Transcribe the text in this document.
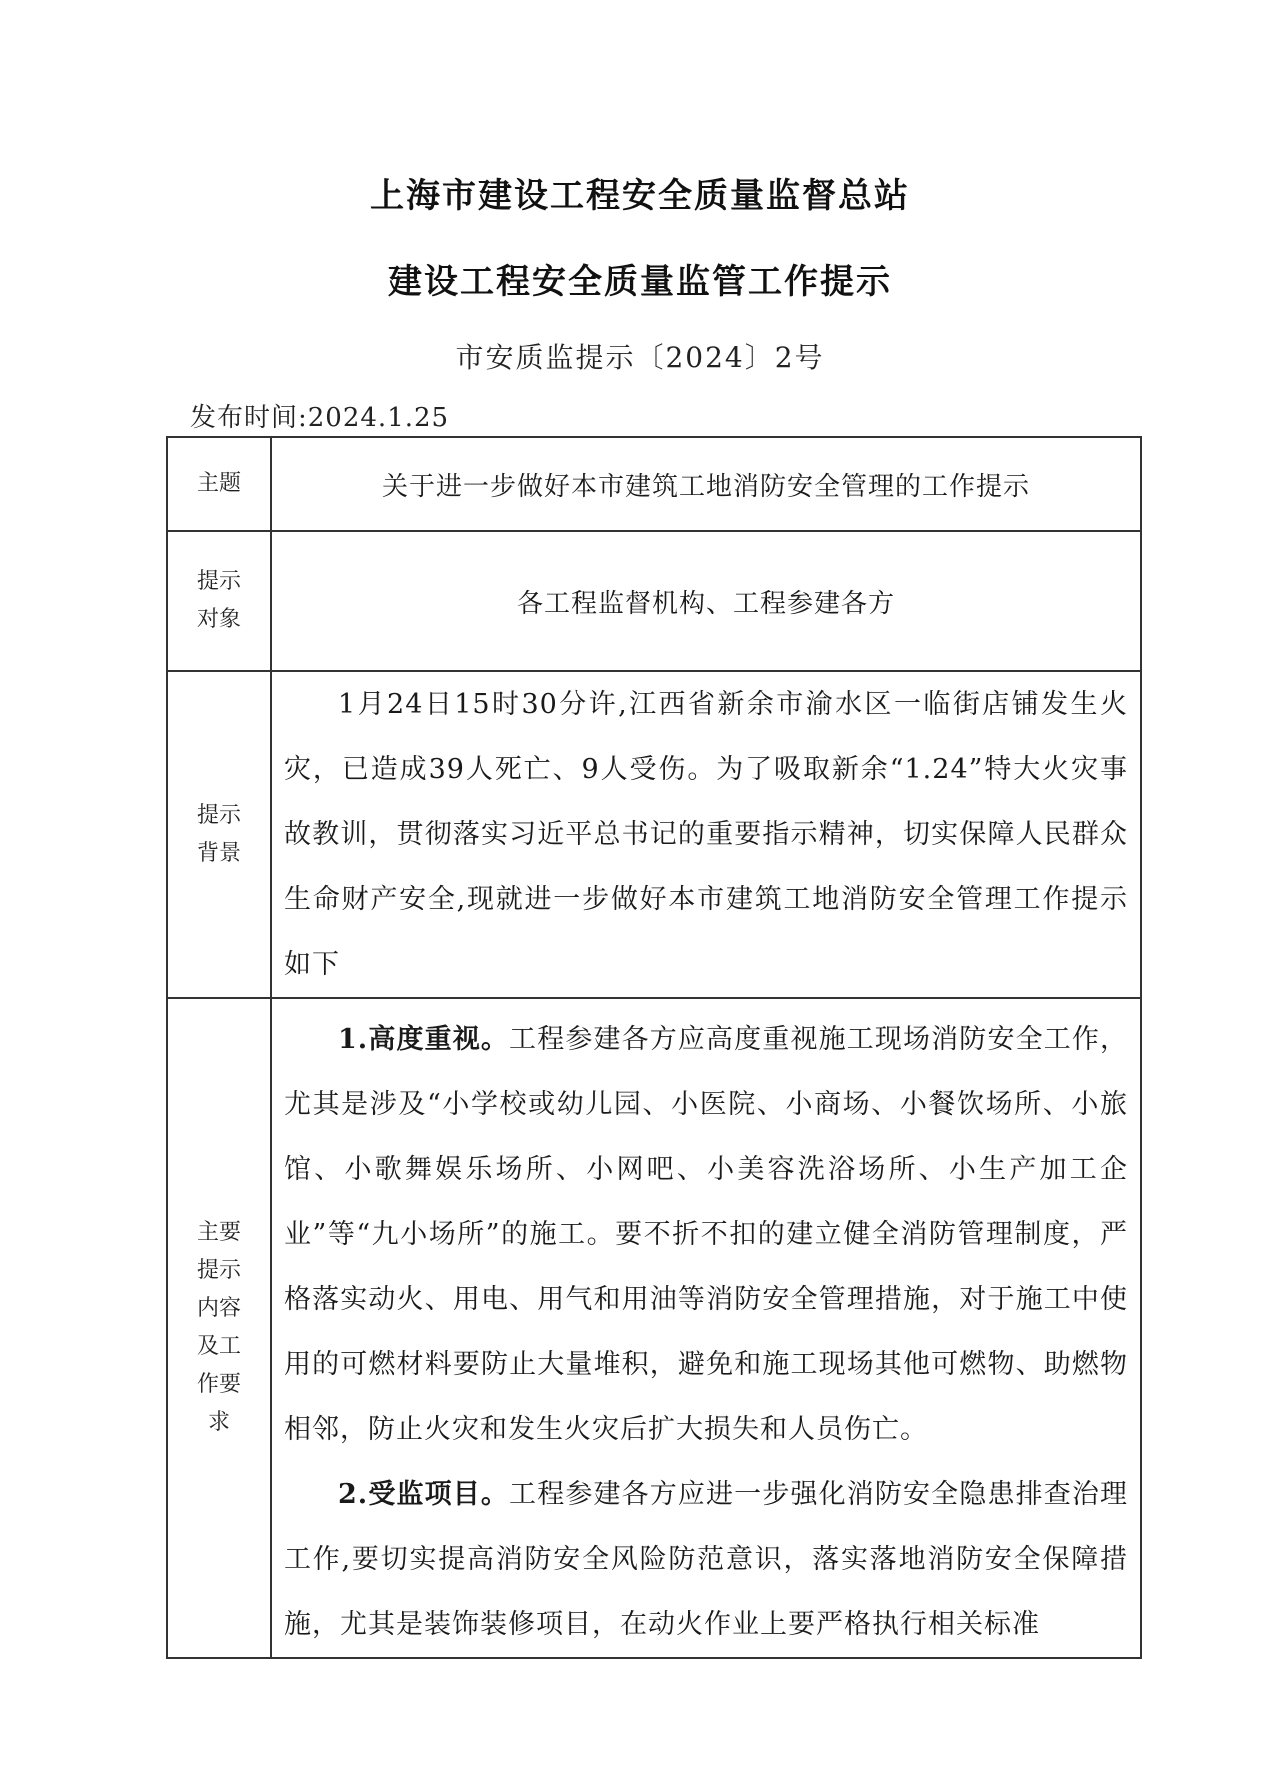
上海市建设工程安全质量监督总站
建设工程安全质量监管工作提示
市安质监提示〔2024〕2号
发布时间:2024.1.25
主题	关于进一步做好本市建筑工地消防安全管理的工作提示
提示对象	各工程监督机构、工程参建各方
提示背景	1月24日15时30分许,江西省新余市渝水区一临街店铺发生火灾，已造成39人死亡、9人受伤。为了吸取新余“1.24”特大火灾事故教训，贯彻落实习近平总书记的重要指示精神，切实保障人民群众生命财产安全,现就进一步做好本市建筑工地消防安全管理工作提示如下

主要提示内容及工作要求	1.高度重视。工程参建各方应高度重视施工现场消防安全工作，尤其是涉及“小学校或幼儿园、小医院、小商场、小餐饮场所、小旅馆、小歌舞娱乐场所、小网吧、小美容洗浴场所、小生产加工企业”等“九小场所”的施工。要不折不扣的建立健全消防管理制度，严格落实动火、用电、用气和用油等消防安全管理措施，对于施工中使用的可燃材料要防止大量堆积，避免和施工现场其他可燃物、助燃物相邻，防止火灾和发生火灾后扩大损失和人员伤亡。

2.受监项目。工程参建各方应进一步强化消防安全隐患排查治理工作,要切实提高消防安全风险防范意识，落实落地消防安全保障措施，尤其是装饰装修项目，在动火作业上要严格执行相关标准
